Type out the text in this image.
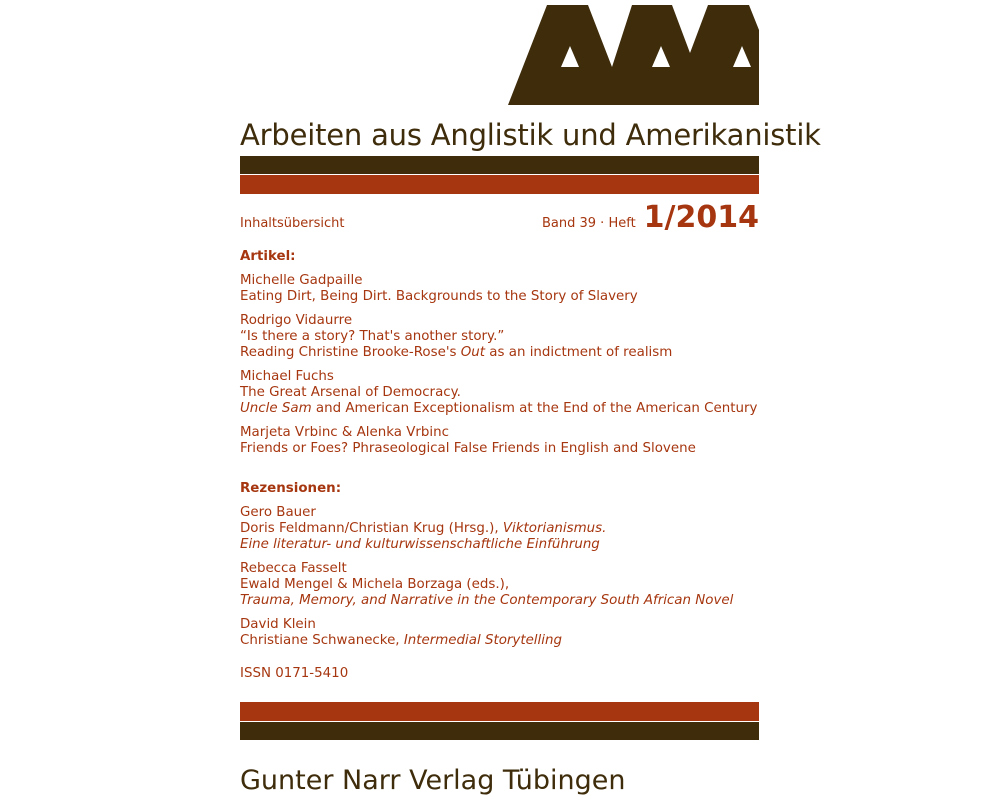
Arbeiten aus Anglistik und Amerikanistik
Inhaltsübersicht	Band 39 · Heft 1/2014
Artikel:
Michelle Gadpaille
Eating Dirt, Being Dirt. Backgrounds to the Story of Slavery
Rodrigo Vidaurre
“Is there a story? That's another story.”
Reading Christine Brooke-Rose's Out as an indictment of realism
Michael Fuchs
The Great Arsenal of Democracy.
Uncle Sam and American Exceptionalism at the End of the American Century
Marjeta Vrbinc & Alenka Vrbinc
Friends or Foes? Phraseological False Friends in English and Slovene
Rezensionen:
Gero Bauer
Doris Feldmann/Christian Krug (Hrsg.), Viktorianismus.
Eine literatur- und kulturwissenschaftliche Einführung
Rebecca Fasselt
Ewald Mengel & Michela Borzaga (eds.),
Trauma, Memory, and Narrative in the Contemporary South African Novel
David Klein
Christiane Schwanecke, Intermedial Storytelling
ISSN 0171-5410
Gunter Narr Verlag Tübingen
